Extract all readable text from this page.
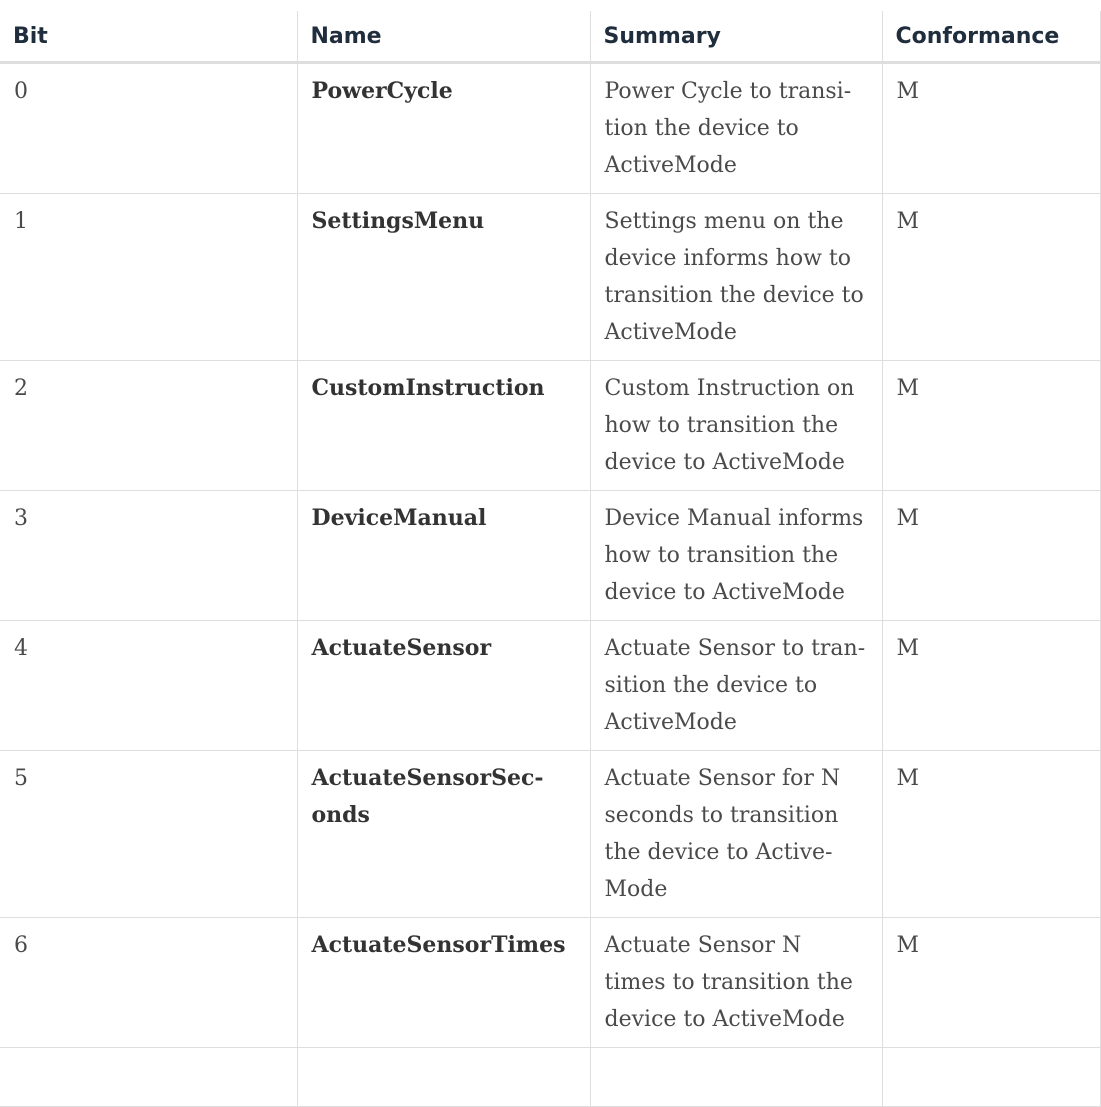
Bit	Name	Summary	Conformance
0	PowerCycle	Power Cycle to transi-tion the device to ActiveMode	M
1	SettingsMenu	Settings menu on the device informs how to transition the device to ActiveMode	M
2	CustomInstruction	Custom Instruction on how to transition the device to ActiveMode	M
3	DeviceManual	Device Manual informs how to transition the device to ActiveMode	M
4	ActuateSensor	Actuate Sensor to tran-sition the device to ActiveMode	M
5	ActuateSensorSec-onds	Actuate Sensor for N seconds to transition the device to Active-Mode	M
6	ActuateSensorTimes	Actuate Sensor N times to transition the device to ActiveMode	M
